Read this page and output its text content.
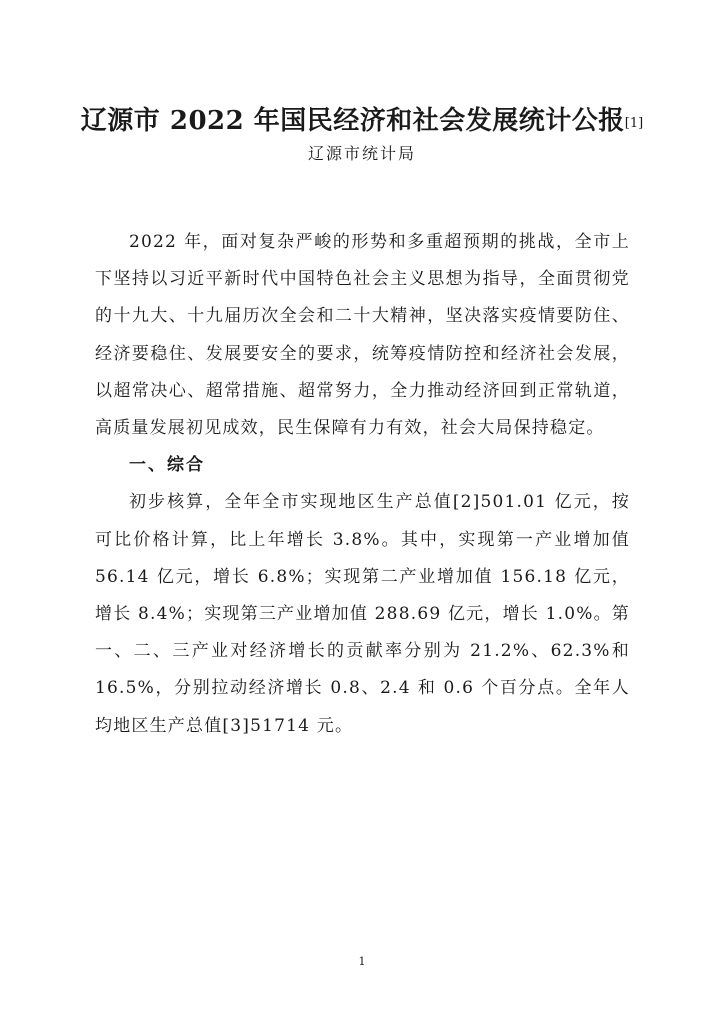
辽源市 2022 年国民经济和社会发展统计公报[1]
辽源市统计局

2022 年，面对复杂严峻的形势和多重超预期的挑战，全市上下坚持以习近平新时代中国特色社会主义思想为指导，全面贯彻党的十九大、十九届历次全会和二十大精神，坚决落实疫情要防住、经济要稳住、发展要安全的要求，统筹疫情防控和经济社会发展，以超常决心、超常措施、超常努力，全力推动经济回到正常轨道，高质量发展初见成效，民生保障有力有效，社会大局保持稳定。

一、综合

初步核算，全年全市实现地区生产总值[2]501.01 亿元，按可比价格计算，比上年增长 3.8%。其中，实现第一产业增加值 56.14 亿元，增长 6.8%；实现第二产业增加值 156.18 亿元，增长 8.4%；实现第三产业增加值 288.69 亿元，增长 1.0%。第一、二、三产业对经济增长的贡献率分别为 21.2%、62.3%和16.5%，分别拉动经济增长 0.8、2.4 和 0.6 个百分点。全年人均地区生产总值[3]51714 元。

1
